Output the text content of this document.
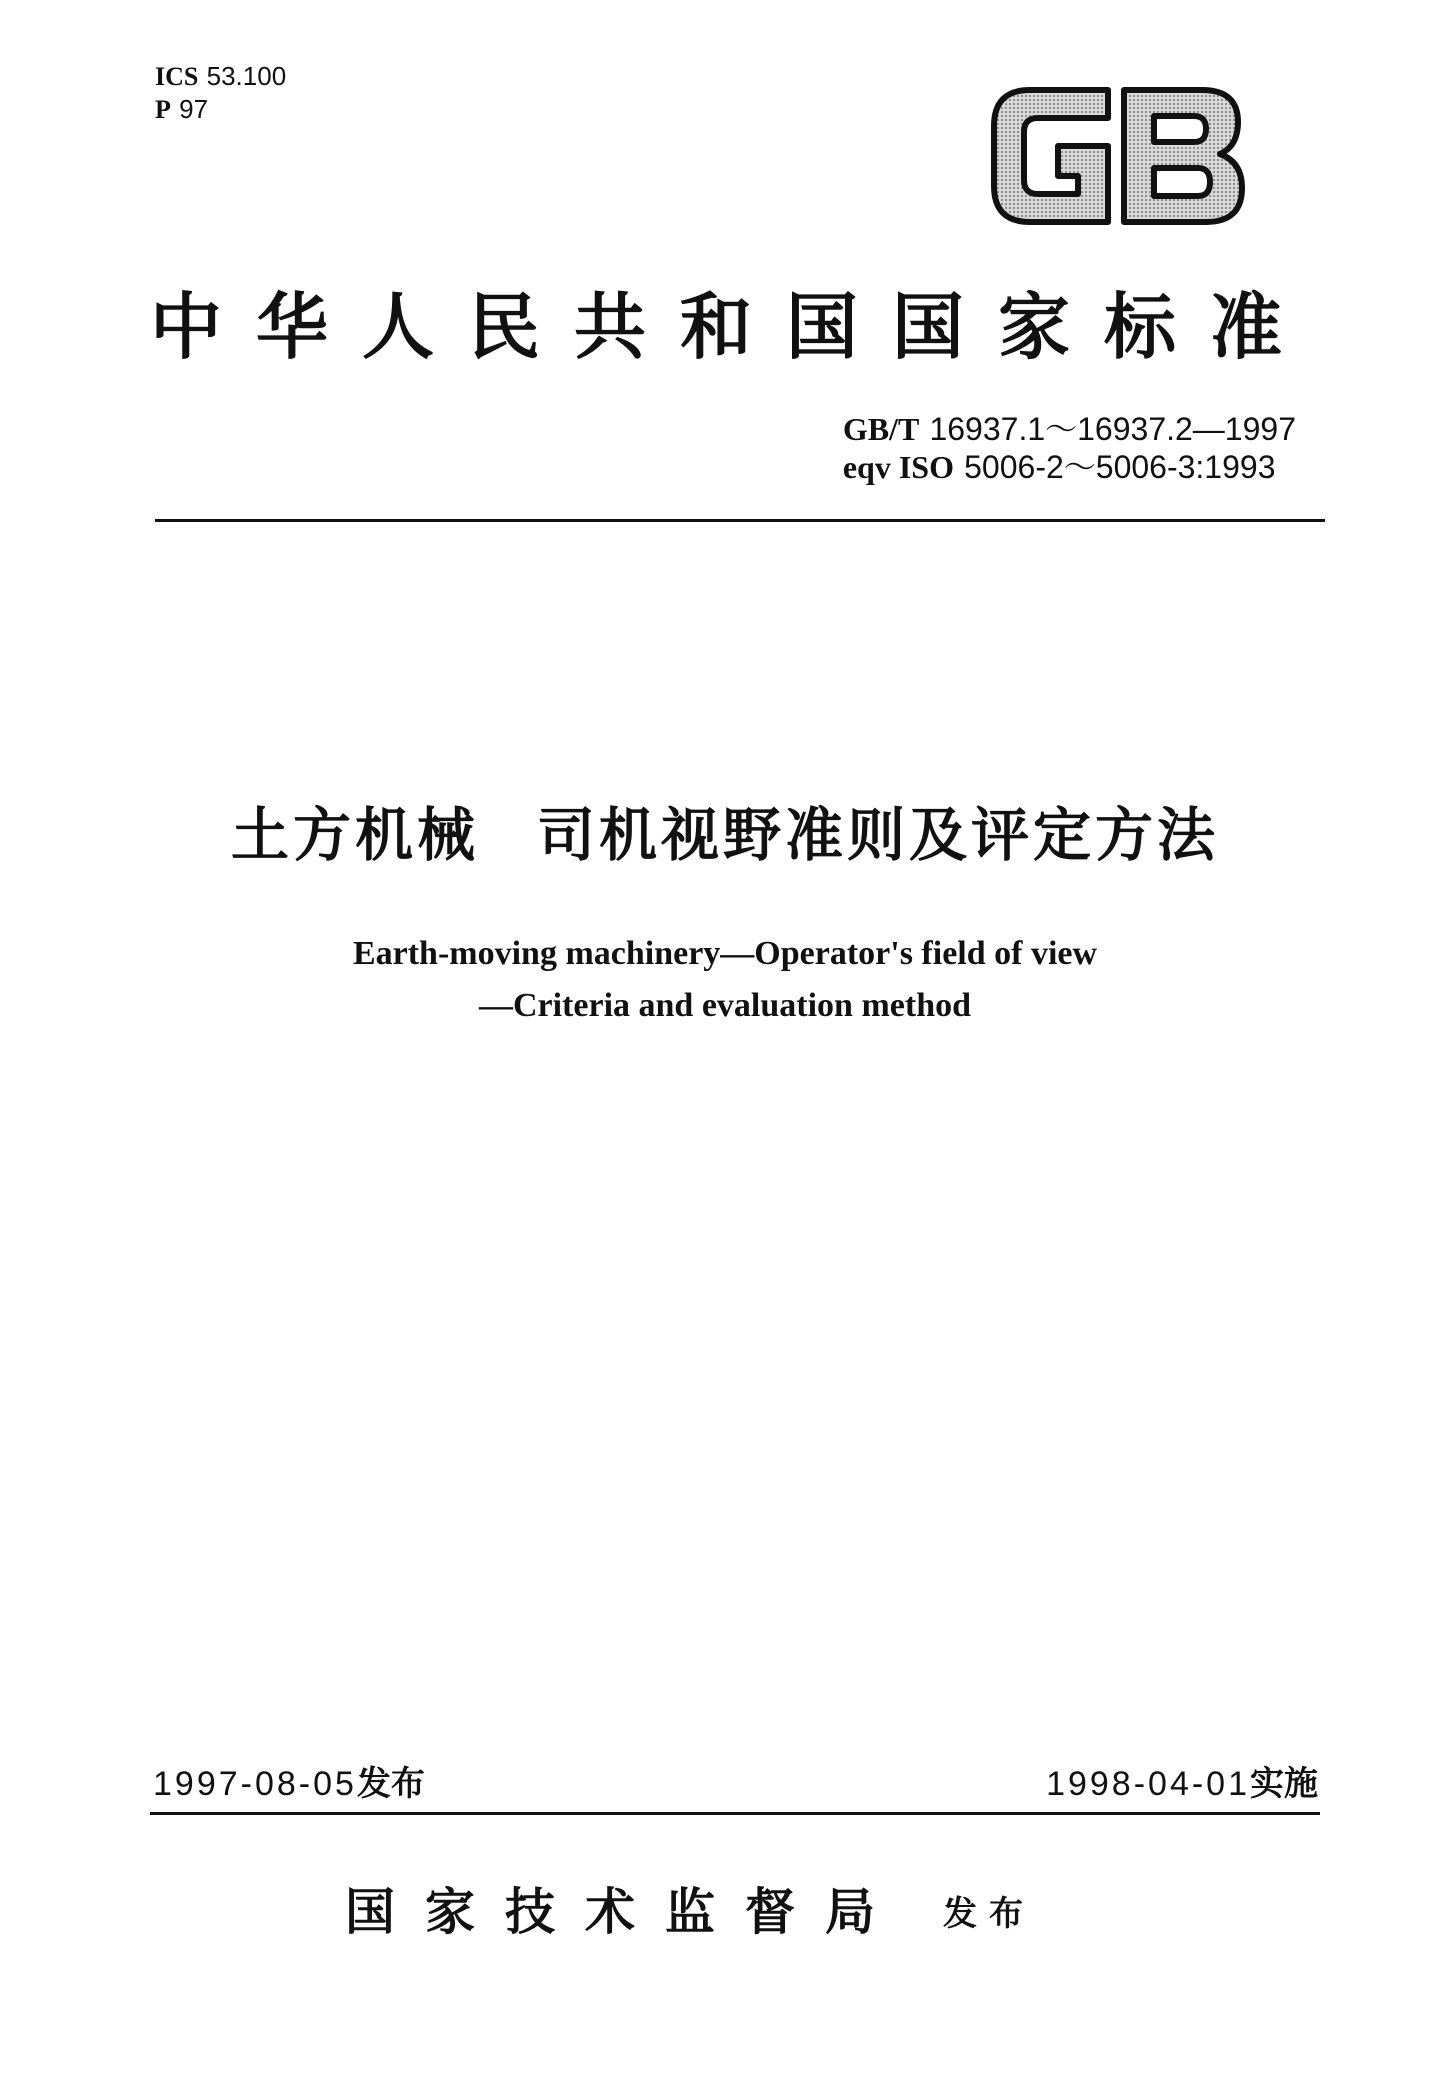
ICS 53.100
P 97
中华人民共和国国家标准
GB/T 16937.1～16937.2—1997
eqv ISO 5006-2～5006-3:1993
土方机械 司机视野准则及评定方法
Earth-moving machinery—Operator's field of view
—Criteria and evaluation method
1997-08-05发布	1998-04-01实施
国家技术监督局 发布
